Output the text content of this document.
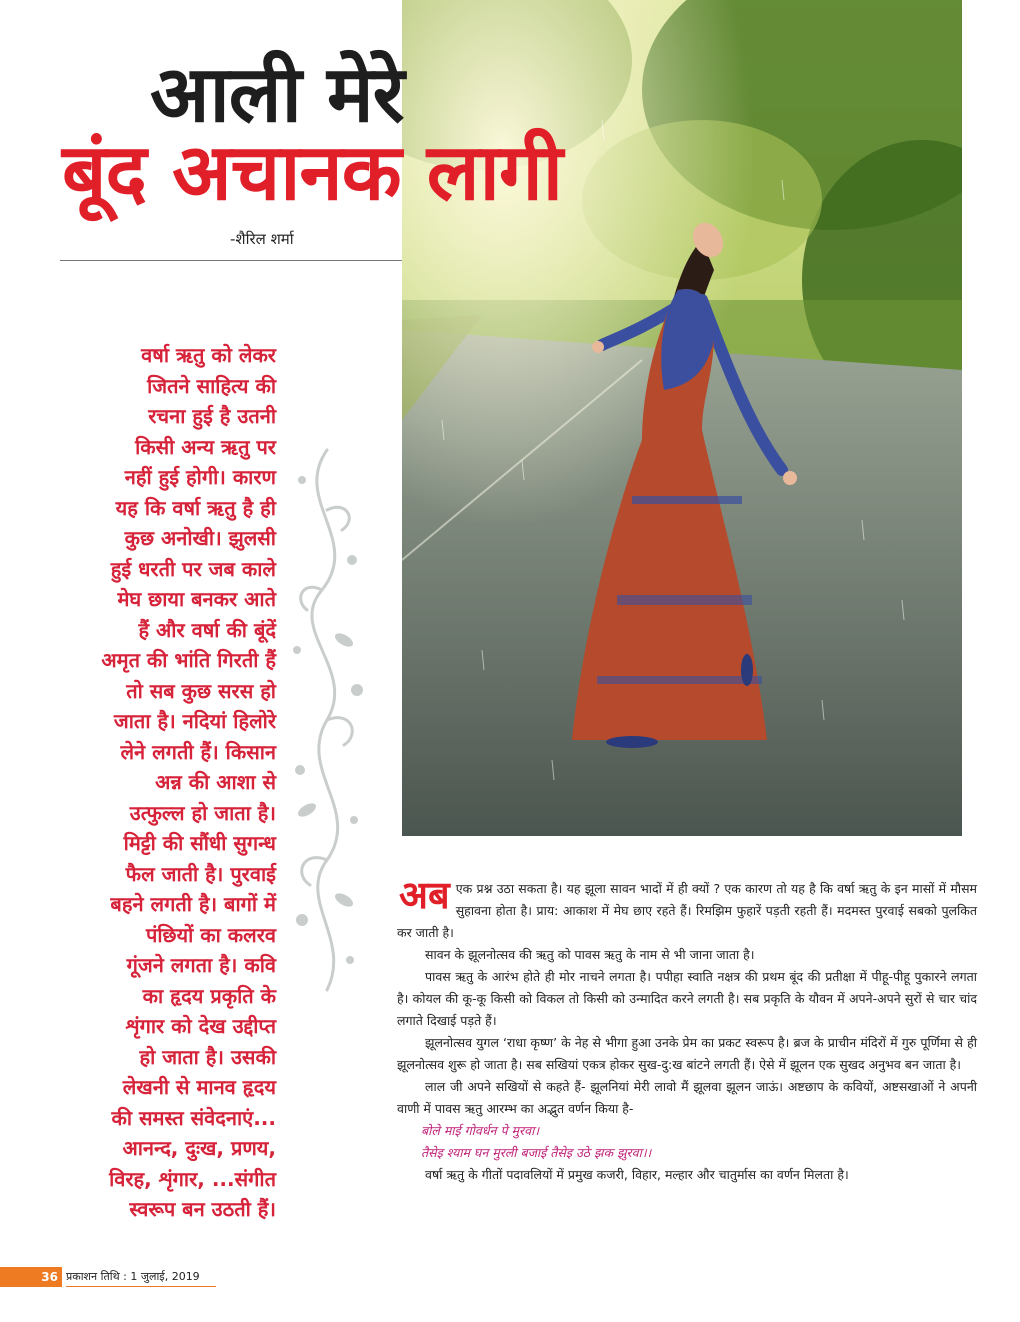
आली मेरे
बूंद अचानक लागी
-शैरिल शर्मा

वर्षा ऋतु को लेकर

जितने साहित्य की

रचना हुई है उतनी

किसी अन्य ऋतु पर

नहीं हुई होगी। कारण

यह कि वर्षा ऋतु है ही

कुछ अनोखी। झुलसी

हुई धरती पर जब काले

मेघ छाया बनकर आते

हैं और वर्षा की बूंदें

अमृत की भांति गिरती हैं

तो सब कुछ सरस हो

जाता है। नदियां हिलोरे

लेने लगती हैं। किसान

अन्न की आशा से

उत्फुल्ल हो जाता है।

मिट्टी की सौंधी सुगन्ध

फैल जाती है। पुरवाई

बहने लगती है। बागों में

पंछियों का कलरव

गूंजने लगता है। कवि

का हृदय प्रकृति के

शृंगार को देख उद्दीप्त

हो जाता है। उसकी

लेखनी से मानव हृदय

की समस्त संवेदनाएं...

आनन्द, दुःख, प्रणय,

विरह, शृंगार, ...संगीत

स्वरूप बन उठती हैं।

अब एक प्रश्न उठा सकता है। यह झूला सावन भादों में ही क्यों ? एक कारण तो यह है कि वर्षा ऋतु के इन मासों में मौसम सुहावना होता है। प्राय: आकाश में मेघ छाए रहते हैं। रिमझिम फुहारें पड़ती रहती हैं। मदमस्त पुरवाई सबको पुलकित कर जाती है।

सावन के झूलनोत्सव की ऋतु को पावस ऋतु के नाम से भी जाना जाता है।

पावस ऋतु के आरंभ होते ही मोर नाचने लगता है। पपीहा स्वाति नक्षत्र की प्रथम बूंद की प्रतीक्षा में पीहू-पीहू पुकारने लगता है। कोयल की कू-कू किसी को विकल तो किसी को उन्मादित करने लगती है। सब प्रकृति के यौवन में अपने-अपने सुरों से चार चांद लगाते दिखाई पड़ते हैं।

झूलनोत्सव युगल ‘राधा कृष्ण’ के नेह से भीगा हुआ उनके प्रेम का प्रकट स्वरूप है। ब्रज के प्राचीन मंदिरों में गुरु पूर्णिमा से ही झूलनोत्सव शुरू हो जाता है। सब सखियां एकत्र होकर सुख-दु:ख बांटने लगती हैं। ऐसे में झूलन एक सुखद अनुभव बन जाता है।

लाल जी अपने सखियों से कहते हैं- झूलनियां मेरी लावो मैं झूलवा झूलन जाऊं। अष्टछाप के कवियों, अष्टसखाओं ने अपनी वाणी में पावस ऋतु आरम्भ का अद्भुत वर्णन किया है-

बोले माई गोवर्धन पे मुरवा।

तैसेइ श्याम घन मुरली बजाई तैसेइ उठे झक झुरवा।।

वर्षा ऋतु के गीतों पदावलियों में प्रमुख कजरी, विहार, मल्हार और चातुर्मास का वर्णन मिलता है।

36 प्रकाशन तिथि : 1 जुलाई, 2019
